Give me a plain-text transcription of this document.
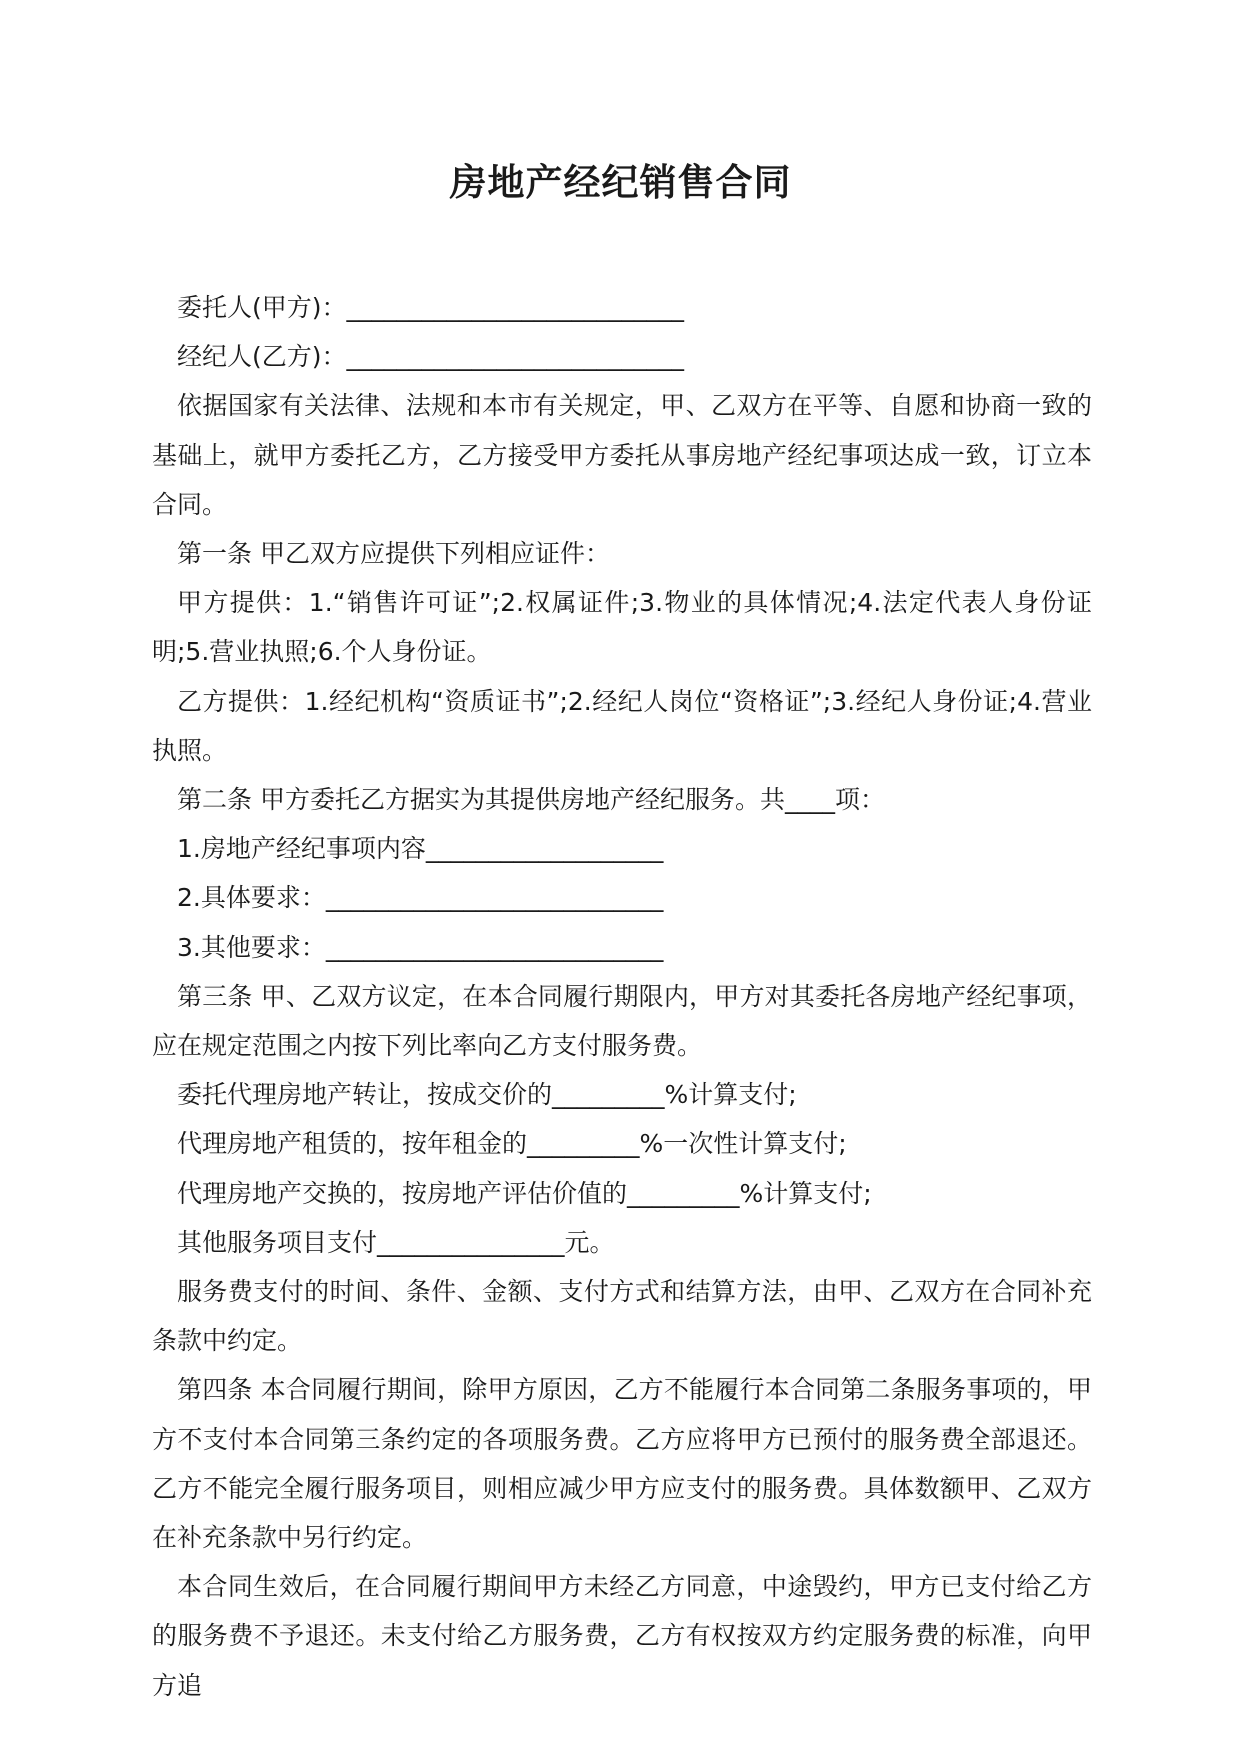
房地产经纪销售合同

委托人(甲方)：___________________________

经纪人(乙方)：___________________________

依据国家有关法律、法规和本市有关规定，甲、乙双方在平等、自愿和协商一致的基础上，就甲方委托乙方，乙方接受甲方委托从事房地产经纪事项达成一致，订立本合同。

第一条 甲乙双方应提供下列相应证件：

甲方提供：1.“销售许可证”;2.权属证件;3.物业的具体情况;4.法定代表人身份证明;5.营业执照;6.个人身份证。

乙方提供：1.经纪机构“资质证书”;2.经纪人岗位“资格证”;3.经纪人身份证;4.营业执照。

第二条 甲方委托乙方据实为其提供房地产经纪服务。共____项：

1.房地产经纪事项内容___________________

2.具体要求：___________________________

3.其他要求：___________________________

第三条 甲、乙双方议定，在本合同履行期限内，甲方对其委托各房地产经纪事项，应在规定范围之内按下列比率向乙方支付服务费。

委托代理房地产转让，按成交价的_________%计算支付;

代理房地产租赁的，按年租金的_________%一次性计算支付;

代理房地产交换的，按房地产评估价值的_________%计算支付;

其他服务项目支付_______________元。

服务费支付的时间、条件、金额、支付方式和结算方法，由甲、乙双方在合同补充条款中约定。

第四条 本合同履行期间，除甲方原因，乙方不能履行本合同第二条服务事项的，甲方不支付本合同第三条约定的各项服务费。乙方应将甲方已预付的服务费全部退还。乙方不能完全履行服务项目，则相应减少甲方应支付的服务费。具体数额甲、乙双方在补充条款中另行约定。

本合同生效后，在合同履行期间甲方未经乙方同意，中途毁约，甲方已支付给乙方的服务费不予退还。未支付给乙方服务费，乙方有权按双方约定服务费的标准，向甲方追
